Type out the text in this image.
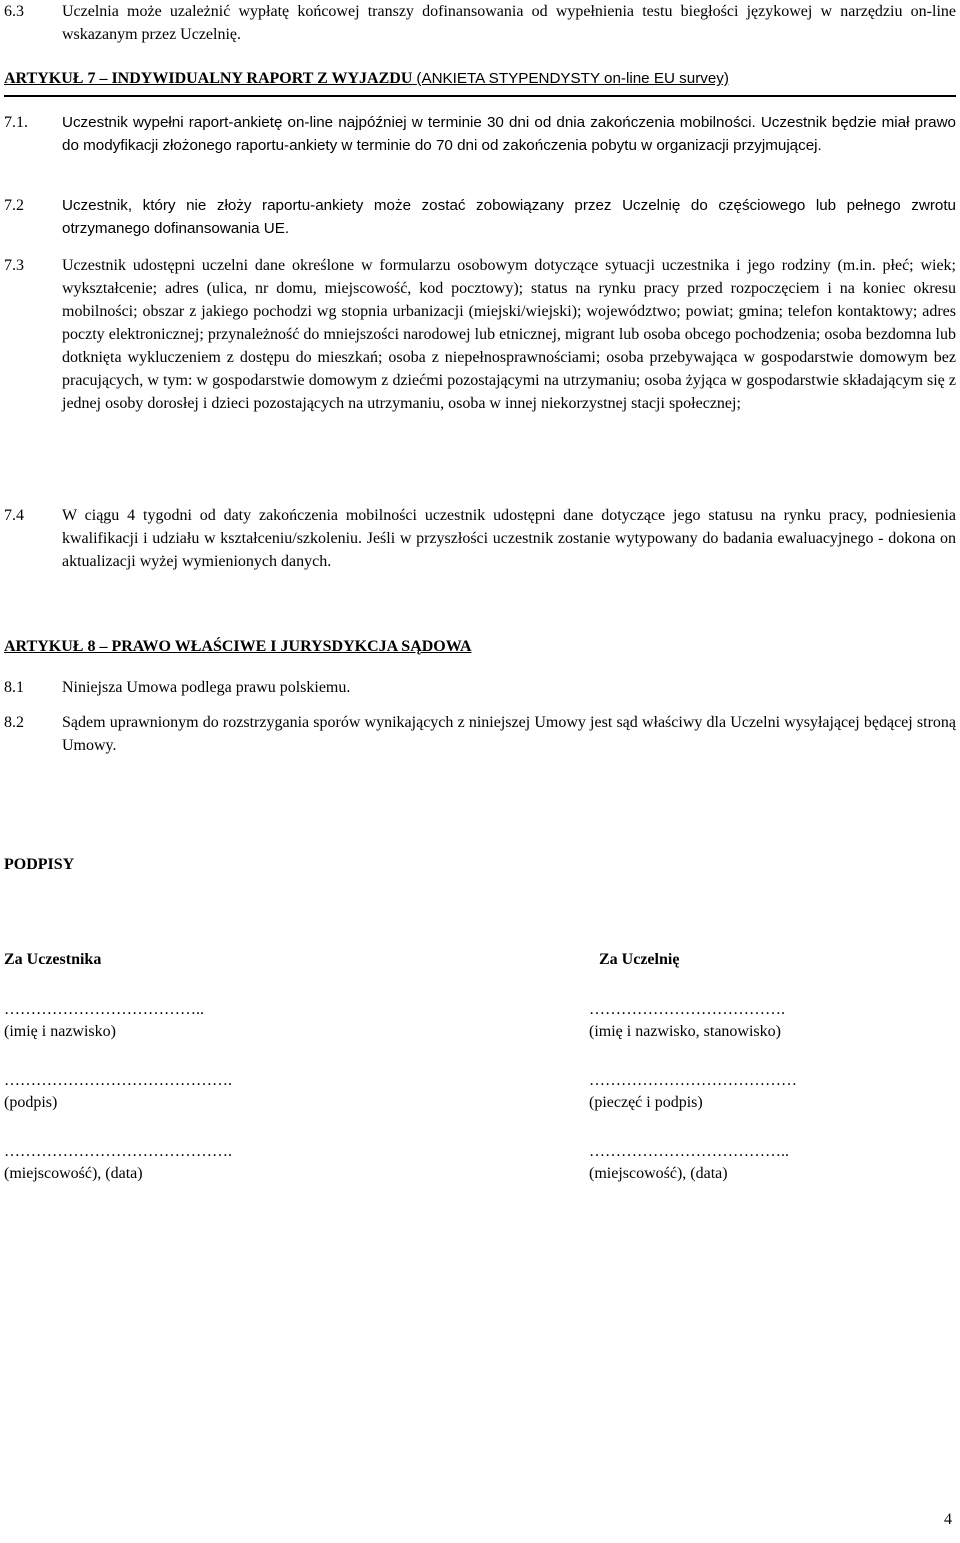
6.3 Uczelnia może uzależnić wypłatę końcowej transzy dofinansowania od wypełnienia testu biegłości językowej w narzędziu on-line wskazanym przez Uczelnię.
ARTYKUŁ 7 – INDYWIDUALNY RAPORT Z WYJAZDU (ANKIETA STYPENDYSTY on-line EU survey)
7.1. Uczestnik wypełni raport-ankietę on-line najpóźniej w terminie 30 dni od dnia zakończenia mobilności. Uczestnik będzie miał prawo do modyfikacji złożonego raportu-ankiety w terminie do 70 dni od zakończenia pobytu w organizacji przyjmującej.
7.2	Uczestnik, który nie złoży raportu-ankiety może zostać zobowiązany przez Uczelnię do częściowego lub pełnego zwrotu otrzymanego dofinansowania UE.
7.3 Uczestnik udostępni uczelni dane określone w formularzu osobowym dotyczące sytuacji uczestnika i jego rodziny (m.in. płeć; wiek; wykształcenie; adres (ulica, nr domu, miejscowość, kod pocztowy); status na rynku pracy przed rozpoczęciem i na koniec okresu mobilności; obszar z jakiego pochodzi wg stopnia urbanizacji (miejski/wiejski); województwo; powiat; gmina; telefon kontaktowy; adres poczty elektronicznej; przynależność do mniejszości narodowej lub etnicznej, migrant lub osoba obcego pochodzenia; osoba bezdomna lub dotknięta wykluczeniem z dostępu do mieszkań; osoba z niepełnosprawnościami; osoba przebywająca w gospodarstwie domowym bez pracujących, w tym: w gospodarstwie domowym z dziećmi pozostającymi na utrzymaniu; osoba żyjąca w gospodarstwie składającym się z jednej osoby dorosłej i dzieci pozostających na utrzymaniu, osoba w innej niekorzystnej stacji społecznej;
7.4 W ciągu 4 tygodni od daty zakończenia mobilności uczestnik udostępni dane dotyczące jego statusu na rynku pracy, podniesienia kwalifikacji i udziału w kształceniu/szkoleniu. Jeśli w przyszłości uczestnik zostanie wytypowany do badania ewaluacyjnego - dokona on aktualizacji wyżej wymienionych danych.
ARTYKUŁ 8 – PRAWO WŁAŚCIWE I JURYSDYKCJA SĄDOWA
8.1 Niniejsza Umowa podlega prawu polskiemu.
8.2 Sądem uprawnionym do rozstrzygania sporów wynikających z niniejszej Umowy jest sąd właściwy dla Uczelni wysyłającej będącej stroną Umowy.
PODPISY
Za Uczestnika	Za Uczelnię
………………………………..
(imię i nazwisko)
……………………………….
(imię i nazwisko, stanowisko)
…………………………………….
(podpis)
…………………………………
(pieczęć i podpis)
…………………………………….
(miejscowość), (data)
………………………………..
(miejscowość), (data)
4
